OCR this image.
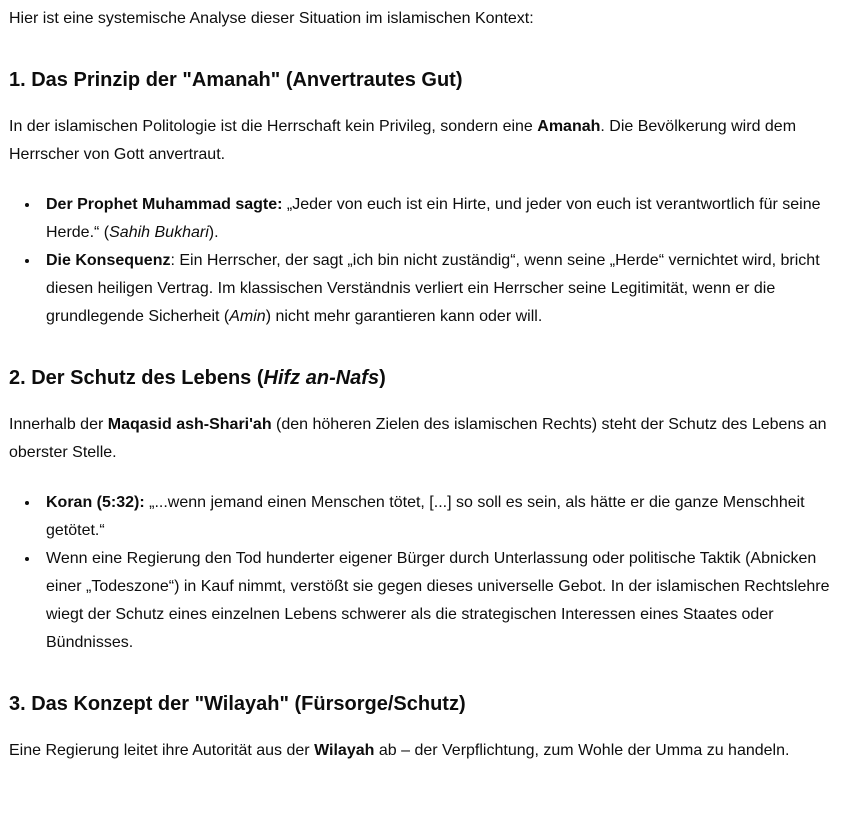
Hier ist eine systemische Analyse dieser Situation im islamischen Kontext:

1. Das Prinzip der "Amanah" (Anvertrautes Gut)

In der islamischen Politologie ist die Herrschaft kein Privileg, sondern eine Amanah. Die Bevölkerung wird dem Herrscher von Gott anvertraut.

• Der Prophet Muhammad sagte: „Jeder von euch ist ein Hirte, und jeder von euch ist verantwortlich für seine Herde.“ (Sahih Bukhari).
• Die Konsequenz: Ein Herrscher, der sagt „ich bin nicht zuständig“, wenn seine „Herde“ vernichtet wird, bricht diesen heiligen Vertrag. Im klassischen Verständnis verliert ein Herrscher seine Legitimität, wenn er die grundlegende Sicherheit (Amin) nicht mehr garantieren kann oder will.
2. Der Schutz des Lebens (Hifz an-Nafs)

Innerhalb der Maqasid ash-Shari'ah (den höheren Zielen des islamischen Rechts) steht der Schutz des Lebens an oberster Stelle.

• Koran (5:32): „...wenn jemand einen Menschen tötet, [...] so soll es sein, als hätte er die ganze Menschheit getötet.“
• Wenn eine Regierung den Tod hunderter eigener Bürger durch Unterlassung oder politische Taktik (Abnicken einer „Todeszone“) in Kauf nimmt, verstößt sie gegen dieses universelle Gebot. In der islamischen Rechtslehre wiegt der Schutz eines einzelnen Lebens schwerer als die strategischen Interessen eines Staates oder Bündnisses.
3. Das Konzept der "Wilayah" (Fürsorge/Schutz)

Eine Regierung leitet ihre Autorität aus der Wilayah ab – der Verpflichtung, zum Wohle der Umma zu handeln.
